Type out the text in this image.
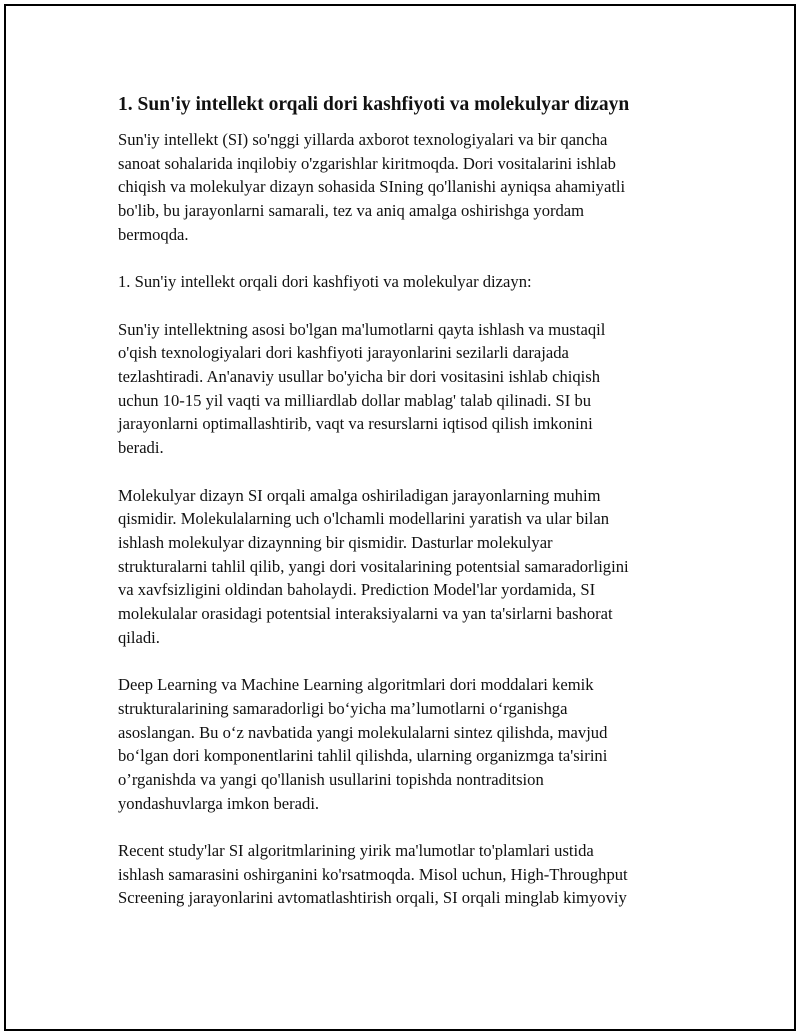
1. Sun'iy intellekt orqali dori kashfiyoti va molekulyar dizayn

Sun'iy intellekt (SI) so'nggi yillarda axborot texnologiyalari va bir qancha
sanoat sohalarida inqilobiy o'zgarishlar kiritmoqda. Dori vositalarini ishlab
chiqish va molekulyar dizayn sohasida SIning qo'llanishi ayniqsa ahamiyatli
bo'lib, bu jarayonlarni samarali, tez va aniq amalga oshirishga yordam
bermoqda.

1. Sun'iy intellekt orqali dori kashfiyoti va molekulyar dizayn:

Sun'iy intellektning asosi bo'lgan ma'lumotlarni qayta ishlash va mustaqil
o'qish texnologiyalari dori kashfiyoti jarayonlarini sezilarli darajada
tezlashtiradi. An'anaviy usullar bo'yicha bir dori vositasini ishlab chiqish
uchun 10-15 yil vaqti va milliardlab dollar mablag' talab qilinadi. SI bu
jarayonlarni optimallashtirib, vaqt va resurslarni iqtisod qilish imkonini
beradi.

Molekulyar dizayn SI orqali amalga oshiriladigan jarayonlarning muhim
qismidir. Molekulalarning uch o'lchamli modellarini yaratish va ular bilan
ishlash molekulyar dizaynning bir qismidir. Dasturlar molekulyar
strukturalarni tahlil qilib, yangi dori vositalarining potentsial samaradorligini
va xavfsizligini oldindan baholaydi. Prediction Model'lar yordamida, SI
molekulalar orasidagi potentsial interaksiyalarni va yan ta'sirlarni bashorat
qiladi.

Deep Learning va Machine Learning algoritmlari dori moddalari kemik
strukturalarining samaradorligi bo‘yicha ma’lumotlarni o‘rganishga
asoslangan. Bu o‘z navbatida yangi molekulalarni sintez qilishda, mavjud
bo‘lgan dori komponentlarini tahlil qilishda, ularning organizmga ta'sirini
o’rganishda va yangi qo'llanish usullarini topishda nontraditsion
yondashuvlarga imkon beradi.

Recent study'lar SI algoritmlarining yirik ma'lumotlar to'plamlari ustida
ishlash samarasini oshirganini ko'rsatmoqda. Misol uchun, High-Throughput
Screening jarayonlarini avtomatlashtirish orqali, SI orqali minglab kimyoviy
